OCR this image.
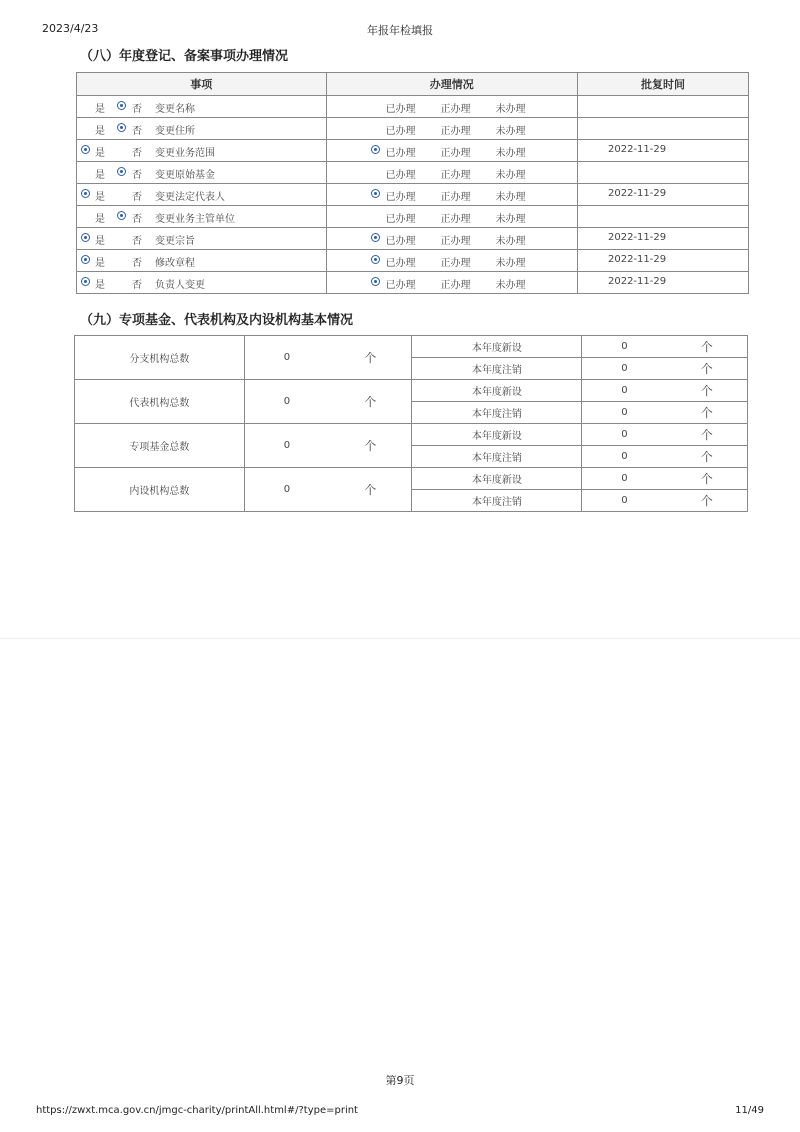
2023/4/23	年报年检填报
（八）年度登记、备案事项办理情况
事项	办理情况	批复时间

是 否 变更名称	已办理 正办理 未办理	

是 否 变更住所	已办理 正办理 未办理	

是 否 变更业务范围	已办理 正办理 未办理	2022-11-29

是 否 变更原始基金	已办理 正办理 未办理	

是 否 变更法定代表人	已办理 正办理 未办理	2022-11-29

是 否 变更业务主管单位	已办理 正办理 未办理	

是 否 变更宗旨	已办理 正办理 未办理	2022-11-29

是 否 修改章程	已办理 正办理 未办理	2022-11-29

是 否 负责人变更	已办理 正办理 未办理	2022-11-29
（九）专项基金、代表机构及内设机构基本情况
分支机构总数	0	个	本年度新设	0	个
			本年度注销	0	个
代表机构总数	0	个	本年度新设	0	个
			本年度注销	0	个
专项基金总数	0	个	本年度新设	0	个
			本年度注销	0	个
内设机构总数	0	个	本年度新设	0	个
			本年度注销	0	个
第9页
https://zwxt.mca.gov.cn/jmgc-charity/printAll.html#/?type=print	11/49
